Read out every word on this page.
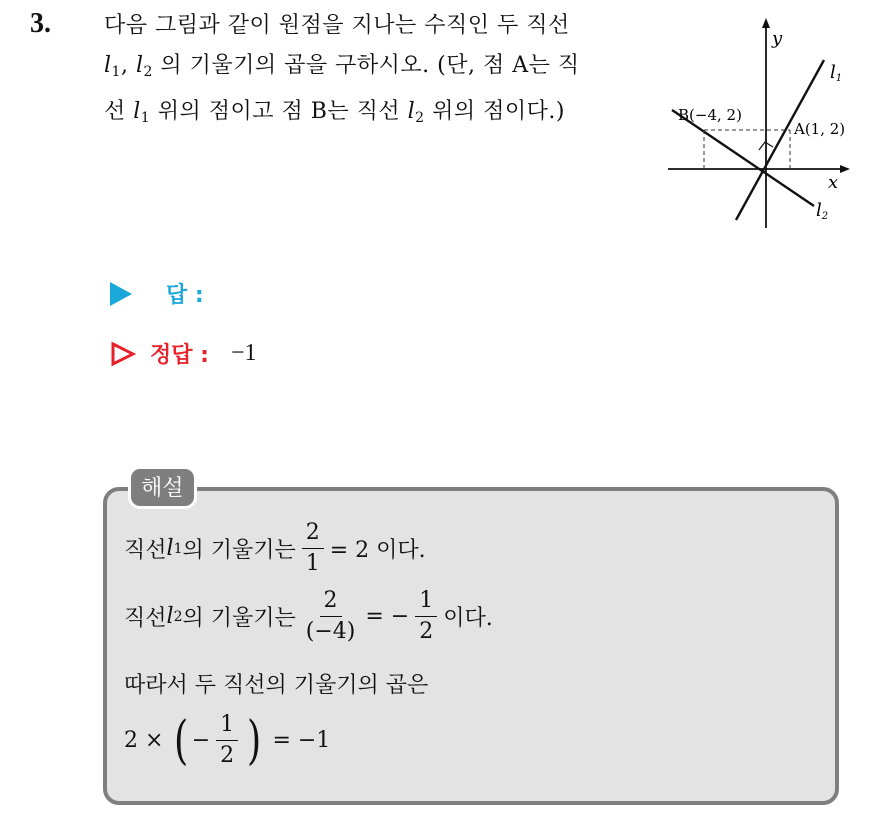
3. 다음 그림과 같이 원점을 지나는 수직인 두 직선
$l_1$, $l_2$ 의 기울기의 곱을 구하시오. (단, 점 A는 직
선 $l_1$ 위의 점이고 점 B는 직선 $l_2$ 위의 점이다.)
y
x
B(−4, 2)
A(1, 2)
l1
l2
답 :
정답 : −1
해설
직선 l 1 의 기울기는 $\frac{2}{1} = 2$ 이다.
직선 l 2 의 기울기는 $\frac{2}{(-4)}$ = − $\frac{1}{2}$ 이다.
따라서 두 직선의 기울기의 곱은
2 × ( − $\frac{1}{2}$ ) = −1
